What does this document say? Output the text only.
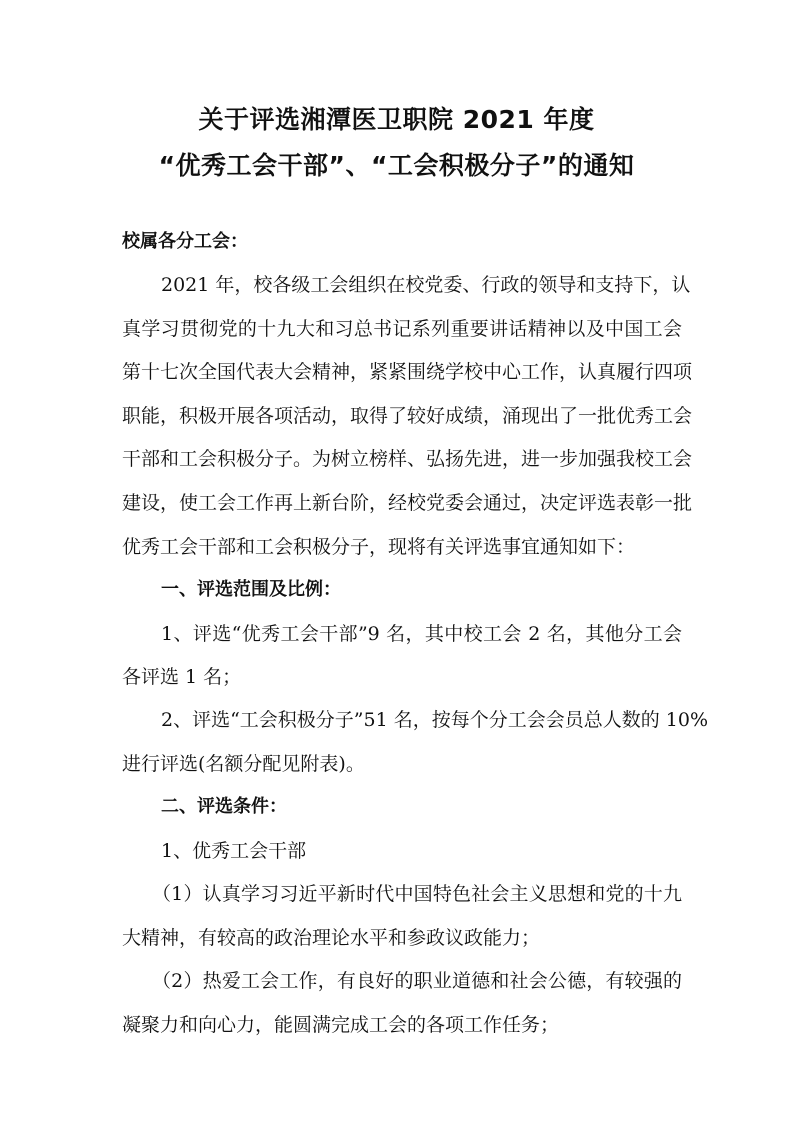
关于评选湘潭医卫职院 2021 年度
“优秀工会干部”、“工会积极分子”的通知
校属各分工会：
2021 年，校各级工会组织在校党委、行政的领导和支持下，认
真学习贯彻党的十九大和习总书记系列重要讲话精神以及中国工会
第十七次全国代表大会精神，紧紧围绕学校中心工作，认真履行四项
职能，积极开展各项活动，取得了较好成绩，涌现出了一批优秀工会
干部和工会积极分子。为树立榜样、弘扬先进，进一步加强我校工会
建设，使工会工作再上新台阶，经校党委会通过，决定评选表彰一批
优秀工会干部和工会积极分子，现将有关评选事宜通知如下：
一、评选范围及比例：
1、评选“优秀工会干部”9 名，其中校工会 2 名，其他分工会
各评选 1 名；
2、评选“工会积极分子”51 名，按每个分工会会员总人数的 10%
进行评选(名额分配见附表)。
二、评选条件：
1、优秀工会干部
（1）认真学习习近平新时代中国特色社会主义思想和党的十九
大精神，有较高的政治理论水平和参政议政能力；
（2）热爱工会工作，有良好的职业道德和社会公德，有较强的
凝聚力和向心力，能圆满完成工会的各项工作任务；
